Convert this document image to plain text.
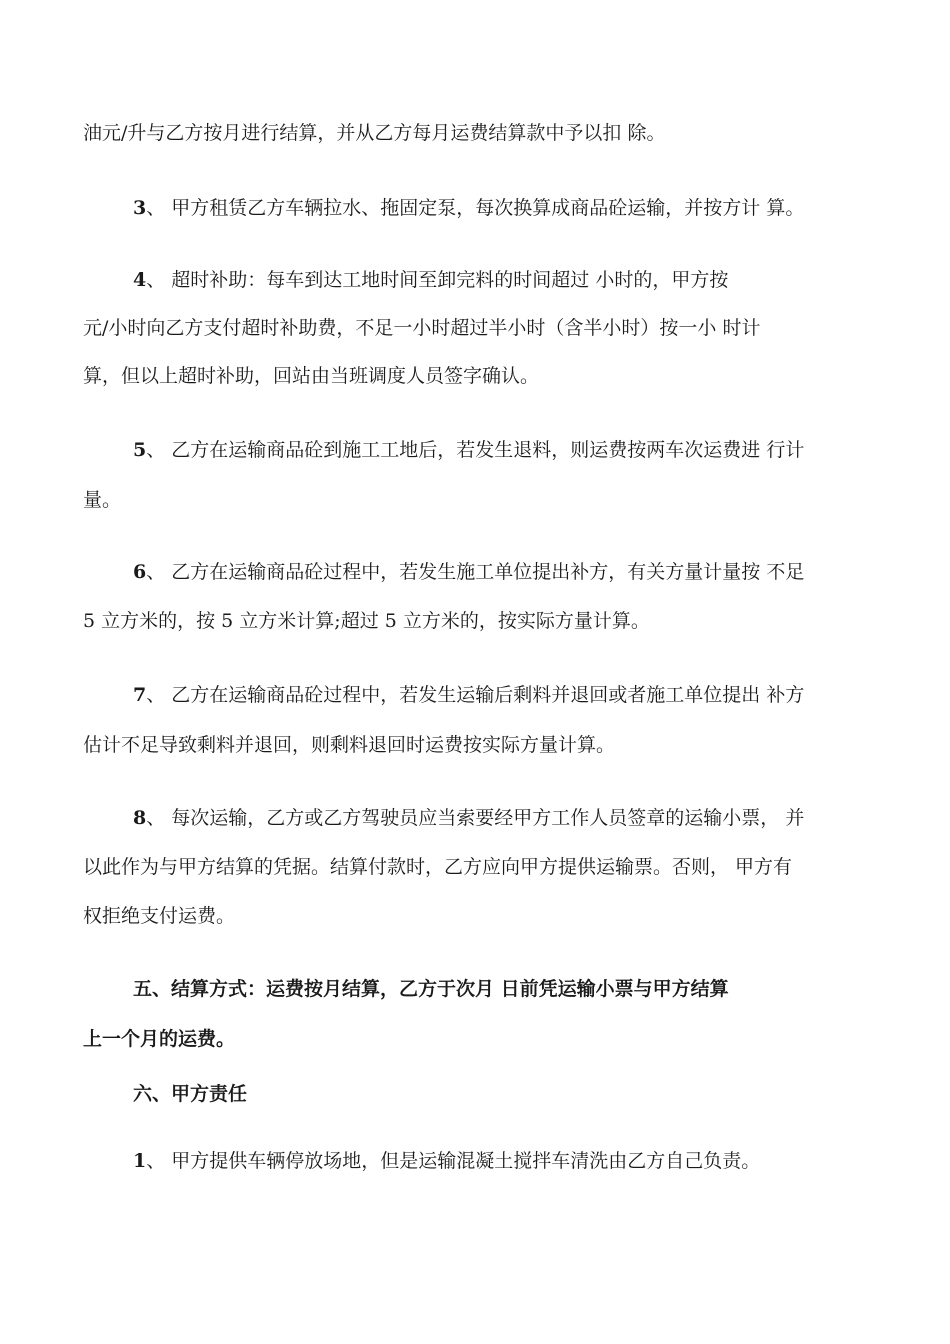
油元/升与乙方按月进行结算，并从乙方每月运费结算款中予以扣 除。
3、 甲方租赁乙方车辆拉水、拖固定泵，每次换算成商品砼运输，并按方计 算。
4、 超时补助：每车到达工地时间至卸完料的时间超过 小时的，甲方按
元/小时向乙方支付超时补助费，不足一小时超过半小时（含半小时）按一小 时计
算，但以上超时补助，回站由当班调度人员签字确认。
5、 乙方在运输商品砼到施工工地后，若发生退料，则运费按两车次运费进 行计
量。
6、 乙方在运输商品砼过程中，若发生施工单位提出补方，有关方量计量按 不足
5 立方米的，按 5 立方米计算;超过 5 立方米的，按实际方量计算。
7、 乙方在运输商品砼过程中，若发生运输后剩料并退回或者施工单位提出 补方
估计不足导致剩料并退回，则剩料退回时运费按实际方量计算。
8、 每次运输，乙方或乙方驾驶员应当索要经甲方工作人员签章的运输小票， 并
以此作为与甲方结算的凭据。结算付款时，乙方应向甲方提供运输票。否则， 甲方有
权拒绝支付运费。
五、结算方式：运费按月结算，乙方于次月 日前凭运输小票与甲方结算
上一个月的运费。
六、甲方责任
1、 甲方提供车辆停放场地，但是运输混凝土搅拌车清洗由乙方自己负责。
